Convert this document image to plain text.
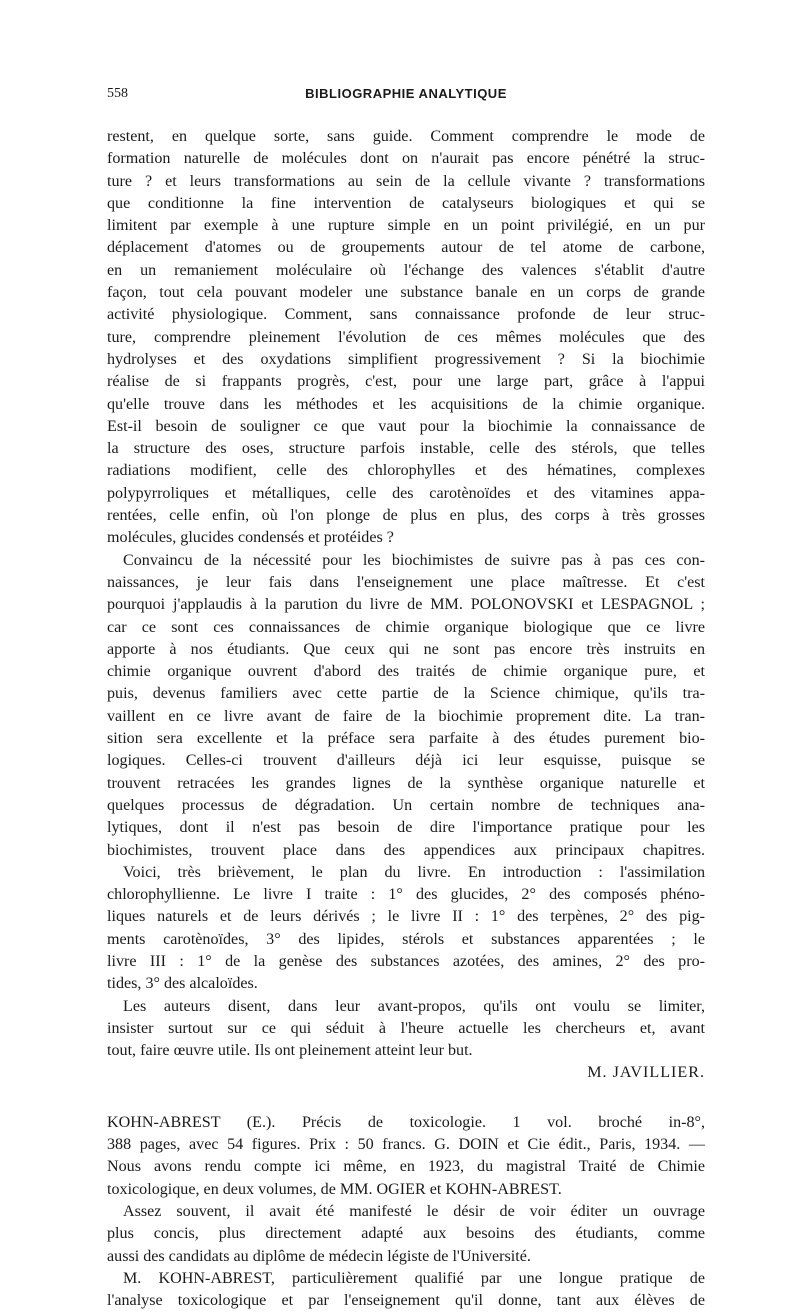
558	BIBLIOGRAPHIE ANALYTIQUE
restent, en quelque sorte, sans guide. Comment comprendre le mode de
formation naturelle de molécules dont on n'aurait pas encore pénétré la struc-
ture ? et leurs transformations au sein de la cellule vivante ? transformations
que conditionne la fine intervention de catalyseurs biologiques et qui se
limitent par exemple à une rupture simple en un point privilégié, en un pur
déplacement d'atomes ou de groupements autour de tel atome de carbone,
en un remaniement moléculaire où l'échange des valences s'établit d'autre
façon, tout cela pouvant modeler une substance banale en un corps de grande
activité physiologique. Comment, sans connaissance profonde de leur struc-
ture, comprendre pleinement l'évolution de ces mêmes molécules que des
hydrolyses et des oxydations simplifient progressivement ? Si la biochimie
réalise de si frappants progrès, c'est, pour une large part, grâce à l'appui
qu'elle trouve dans les méthodes et les acquisitions de la chimie organique.
Est-il besoin de souligner ce que vaut pour la biochimie la connaissance de
la structure des oses, structure parfois instable, celle des stérols, que telles
radiations modifient, celle des chlorophylles et des hématines, complexes
polypyrroliques et métalliques, celle des carotènoïdes et des vitamines appa-
rentées, celle enfin, où l'on plonge de plus en plus, des corps à très grosses
molécules, glucides condensés et protéides ?
Convaincu de la nécessité pour les biochimistes de suivre pas à pas ces con-
naissances, je leur fais dans l'enseignement une place maîtresse. Et c'est
pourquoi j'applaudis à la parution du livre de MM. POLONOVSKI et LESPAGNOL ;
car ce sont ces connaissances de chimie organique biologique que ce livre
apporte à nos étudiants. Que ceux qui ne sont pas encore très instruits en
chimie organique ouvrent d'abord des traités de chimie organique pure, et
puis, devenus familiers avec cette partie de la Science chimique, qu'ils tra-
vaillent en ce livre avant de faire de la biochimie proprement dite. La tran-
sition sera excellente et la préface sera parfaite à des études purement bio-
logiques. Celles-ci trouvent d'ailleurs déjà ici leur esquisse, puisque se
trouvent retracées les grandes lignes de la synthèse organique naturelle et
quelques processus de dégradation. Un certain nombre de techniques ana-
lytiques, dont il n'est pas besoin de dire l'importance pratique pour les
biochimistes, trouvent place dans des appendices aux principaux chapitres.
Voici, très brièvement, le plan du livre. En introduction : l'assimilation
chlorophyllienne. Le livre I traite : 1° des glucides, 2° des composés phéno-
liques naturels et de leurs dérivés ; le livre II : 1° des terpènes, 2° des pig-
ments carotènoïdes, 3° des lipides, stérols et substances apparentées ; le
livre III : 1° de la genèse des substances azotées, des amines, 2° des pro-
tides, 3° des alcaloïdes.
Les auteurs disent, dans leur avant-propos, qu'ils ont voulu se limiter,
insister surtout sur ce qui séduit à l'heure actuelle les chercheurs et, avant
tout, faire œuvre utile. Ils ont pleinement atteint leur but.
M. JAVILLIER.
KOHN-ABREST (E.). Précis de toxicologie. 1 vol. broché in-8°,
388 pages, avec 54 figures. Prix : 50 francs. G. DOIN et Cie édit., Paris, 1934. —
Nous avons rendu compte ici même, en 1923, du magistral Traité de Chimie
toxicologique, en deux volumes, de MM. OGIER et KOHN-ABREST.
Assez souvent, il avait été manifesté le désir de voir éditer un ouvrage
plus concis, plus directement adapté aux besoins des étudiants, comme
aussi des candidats au diplôme de médecin légiste de l'Université.
M. KOHN-ABREST, particulièrement qualifié par une longue pratique de
l'analyse toxicologique et par l'enseignement qu'il donne, tant aux élèves de
